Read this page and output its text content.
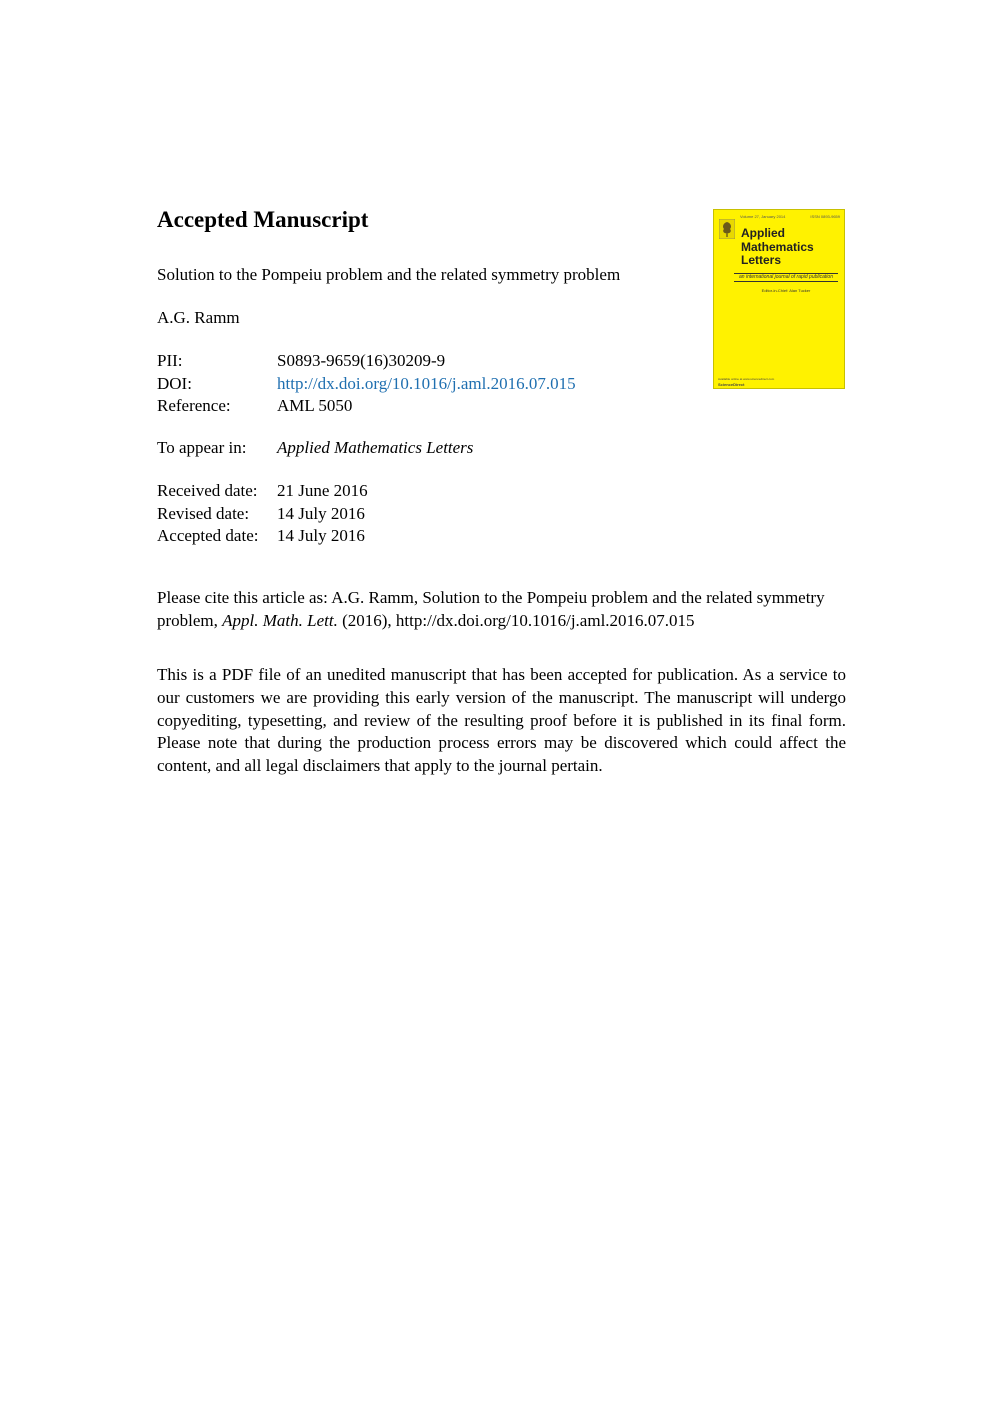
Accepted Manuscript
Solution to the Pompeiu problem and the related symmetry problem
A.G. Ramm
PII:	S0893-9659(16)30209-9
DOI:	http://dx.doi.org/10.1016/j.aml.2016.07.015
Reference:	AML 5050
To appear in: Applied Mathematics Letters
Received date: 21 June 2016
Revised date: 14 July 2016
Accepted date: 14 July 2016
Please cite this article as: A.G. Ramm, Solution to the Pompeiu problem and the related symmetry problem, Appl. Math. Lett. (2016), http://dx.doi.org/10.1016/j.aml.2016.07.015
This is a PDF file of an unedited manuscript that has been accepted for publication. As a service to our customers we are providing this early version of the manuscript. The manuscript will undergo copyediting, typesetting, and review of the resulting proof before it is published in its final form. Please note that during the production process errors may be discovered which could affect the content, and all legal disclaimers that apply to the journal pertain.
Volume 27, January 2014	ISSN 0893-9659
Applied
Mathematics
Letters
an international journal of rapid publication
Editor-in-Chief: Alan Tucker
Available online at www.sciencedirect.com
ScienceDirect
